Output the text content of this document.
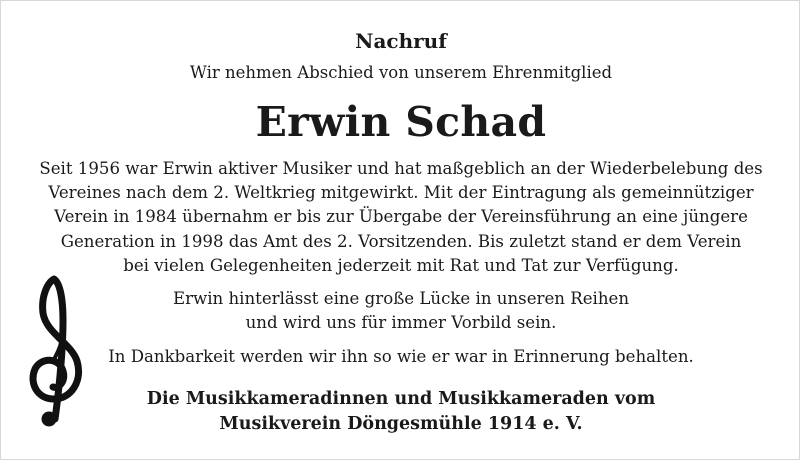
Nachruf
Wir nehmen Abschied von unserem Ehrenmitglied
Erwin Schad
Seit 1956 war Erwin aktiver Musiker und hat maßgeblich an der Wiederbelebung des
Vereines nach dem 2. Weltkrieg mitgewirkt. Mit der Eintragung als gemeinnütziger
Verein in 1984 übernahm er bis zur Übergabe der Vereinsführung an eine jüngere
Generation in 1998 das Amt des 2. Vorsitzenden. Bis zuletzt stand er dem Verein
bei vielen Gelegenheiten jederzeit mit Rat und Tat zur Verfügung.
Erwin hinterlässt eine große Lücke in unseren Reihen
und wird uns für immer Vorbild sein.
In Dankbarkeit werden wir ihn so wie er war in Erinnerung behalten.
Die Musikkameradinnen und Musikkameraden vom
Musikverein Döngesmühle 1914 e. V.
